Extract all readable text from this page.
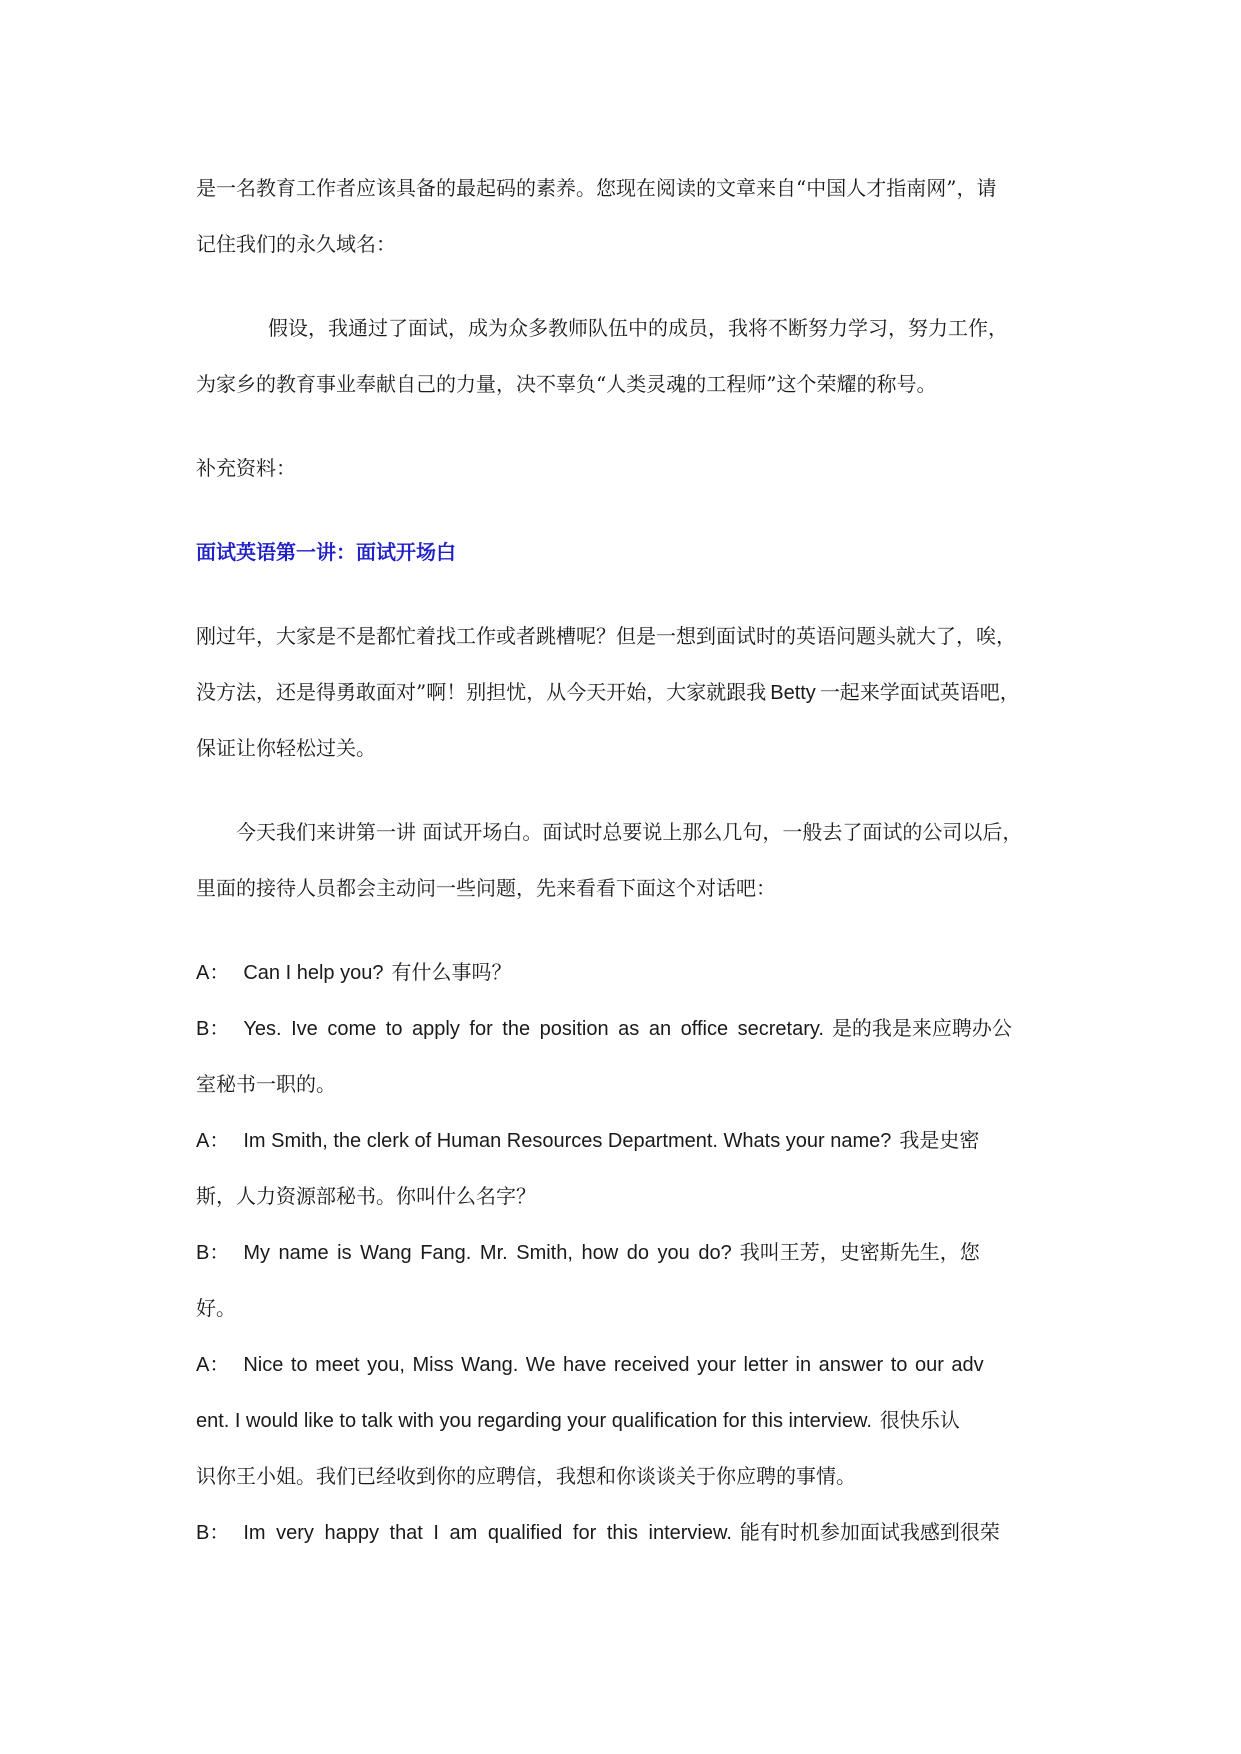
是一名教育工作者应该具备的最起码的素养。您现在阅读的文章来自“中国人才指南网”，请
记住我们的永久域名：
假设，我通过了面试，成为众多教师队伍中的成员，我将不断努力学习，努力工作，
为家乡的教育事业奉献自己的力量，决不辜负“人类灵魂的工程师”这个荣耀的称号。
补充资料：
面试英语第一讲：面试开场白
刚过年，大家是不是都忙着找工作或者跳槽呢？但是一想到面试时的英语问题头就大了，唉，
没方法，还是得勇敢面对”啊！别担忧，从今天开始，大家就跟我 Betty 一起来学面试英语吧，
保证让你轻松过关。
今天我们来讲第一讲 面试开场白。面试时总要说上那么几句，一般去了面试的公司以后，
里面的接待人员都会主动问一些问题，先来看看下面这个对话吧：
A： Can I help you? 有什么事吗？
B： Yes. Ive come to apply for the position as an office secretary. 是的我是来应聘办公
室秘书一职的。
A： Im Smith, the clerk of Human Resources Department. Whats your name? 我是史密
斯，人力资源部秘书。你叫什么名字？
B： My name is Wang Fang. Mr. Smith, how do you do? 我叫王芳，史密斯先生，您
好。
A： Nice to meet you, Miss Wang. We have received your letter in answer to our adv
ent. I would like to talk with you regarding your qualification for this interview. 很快乐认
识你王小姐。我们已经收到你的应聘信，我想和你谈谈关于你应聘的事情。
B： Im very happy that I am qualified for this interview. 能有时机参加面试我感到很荣
